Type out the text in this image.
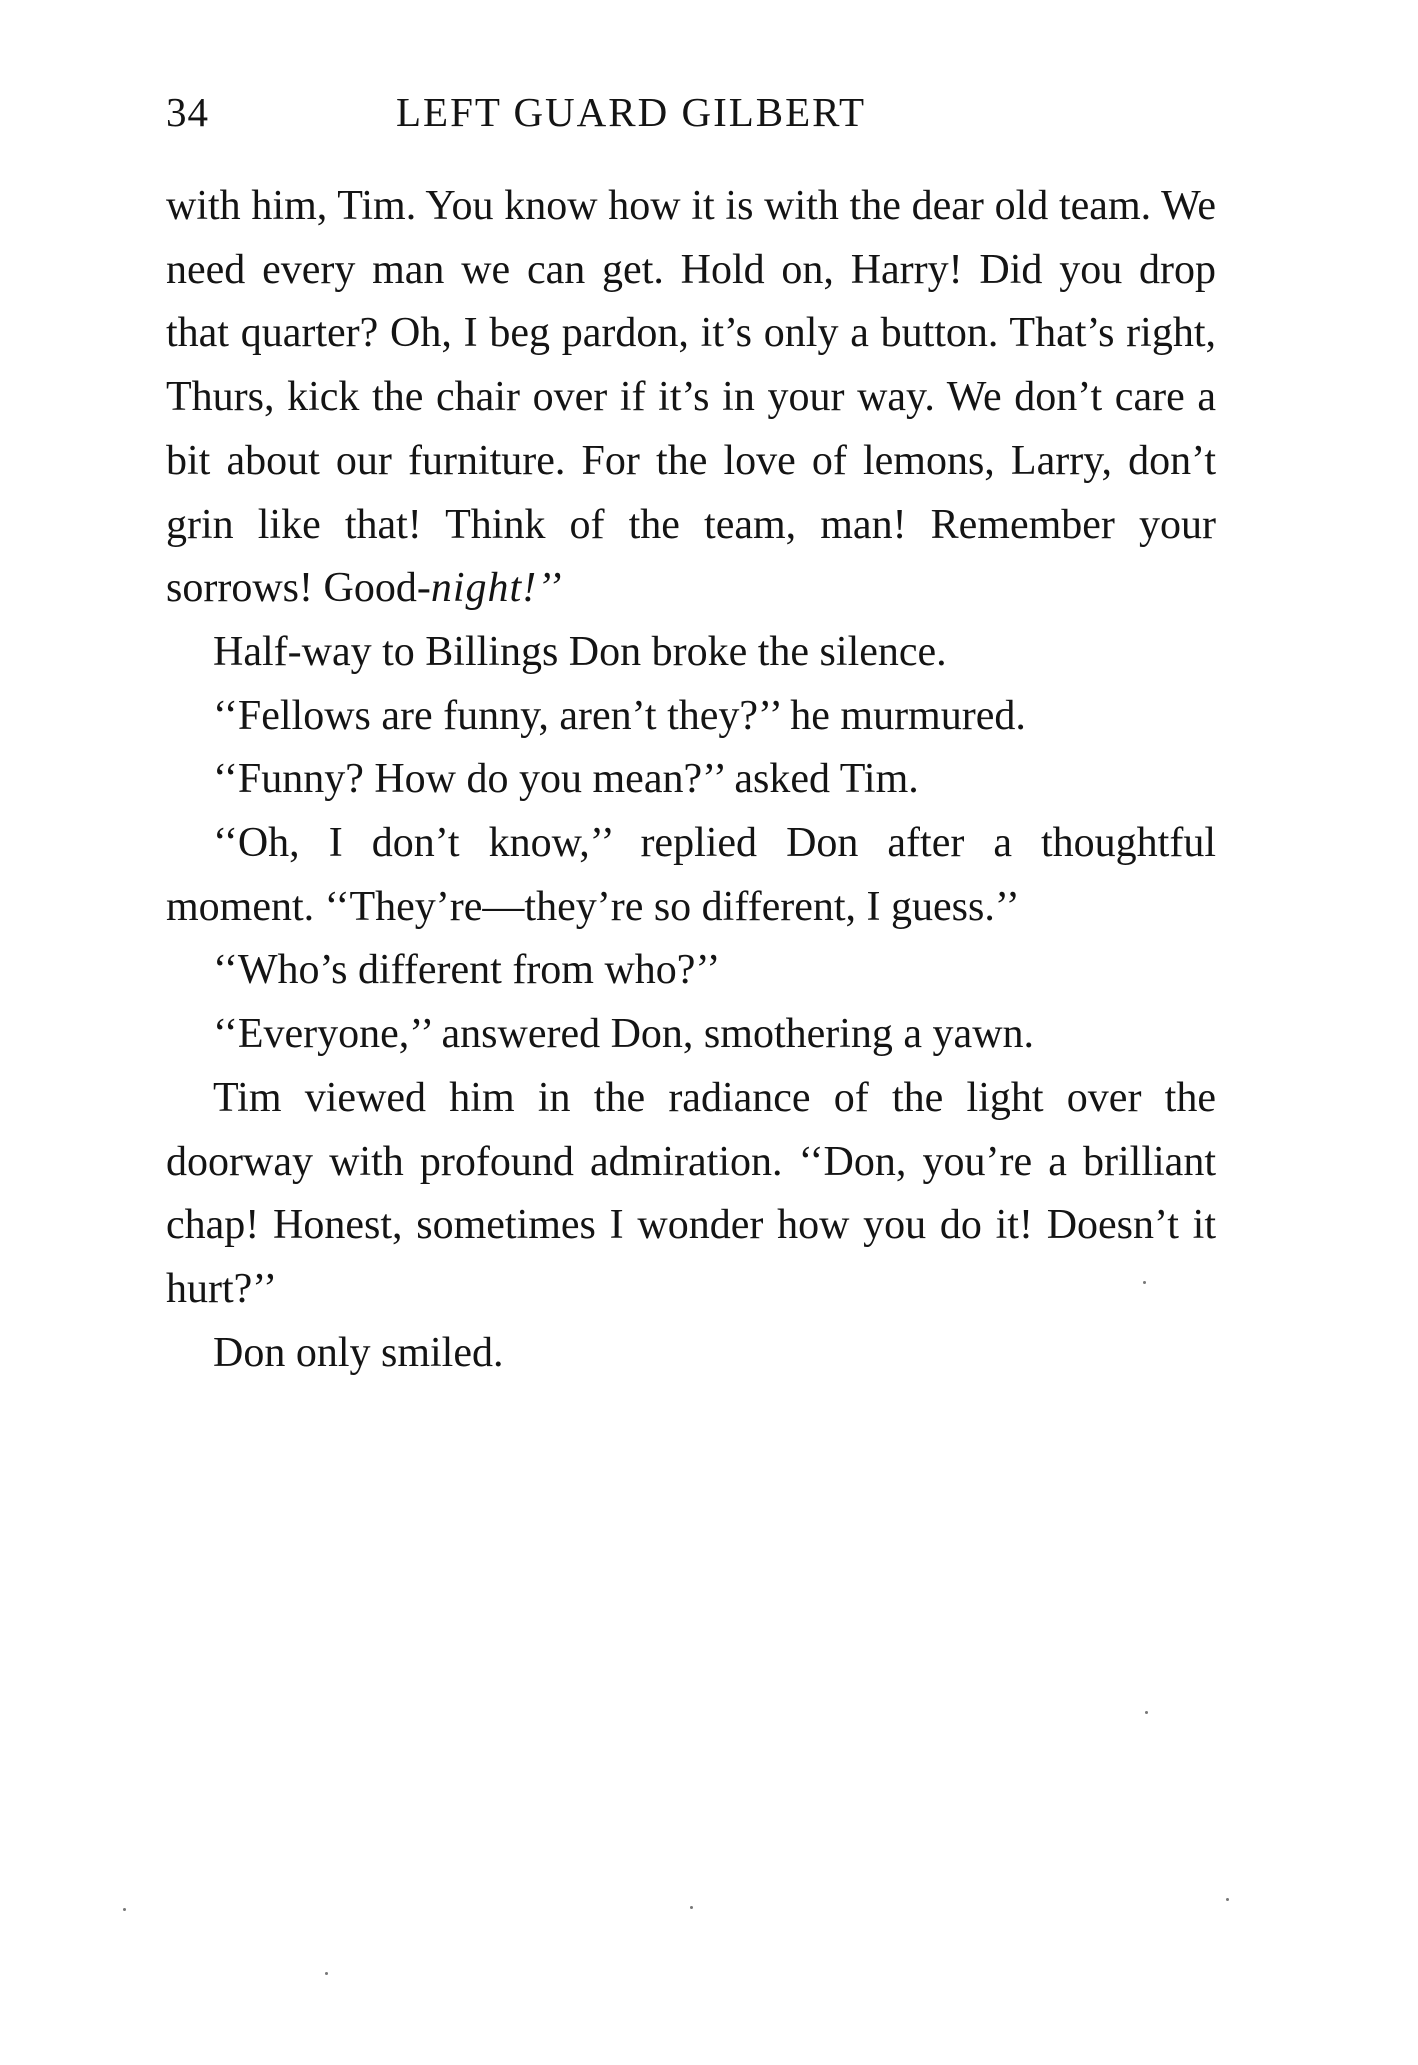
34	LEFT GUARD GILBERT

with him, Tim. You know how it is with the dear old team. We need every man we can get. Hold on, Harry! Did you drop that quarter? Oh, I beg pardon, it’s only a button. That’s right, Thurs, kick the chair over if it’s in your way. We don’t care a bit about our furniture. For the love of lemons, Larry, don’t grin like that! Think of the team, man! Remember your sorrows! Good-night!’’

Half-way to Billings Don broke the silence.

‘‘Fellows are funny, aren’t they?’’ he murmured.

‘‘Funny? How do you mean?’’ asked Tim.

‘‘Oh, I don’t know,’’ replied Don after a thoughtful moment. ‘‘They’re—they’re so different, I guess.’’

‘‘Who’s different from who?’’

‘‘Everyone,’’ answered Don, smothering a yawn.

Tim viewed him in the radiance of the light over the doorway with profound admiration. ‘‘Don, you’re a brilliant chap! Honest, sometimes I wonder how you do it! Doesn’t it hurt?’’

Don only smiled.
